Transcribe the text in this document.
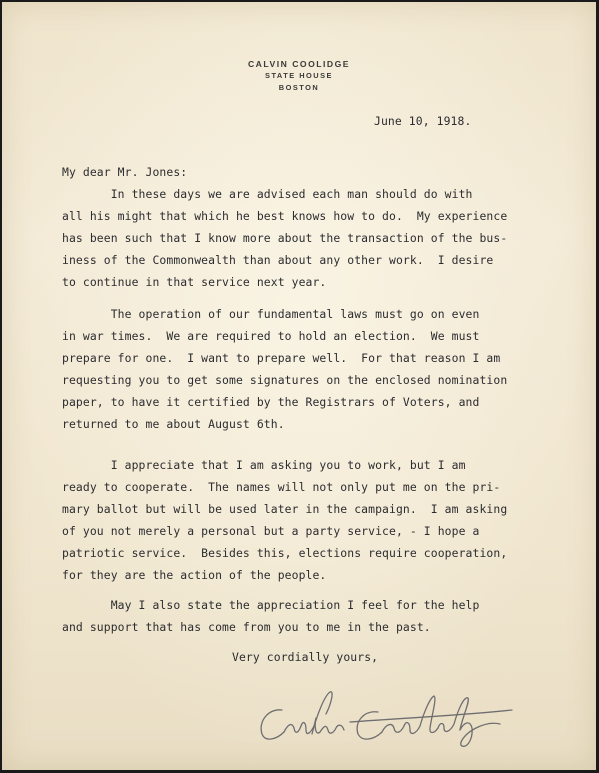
CALVIN COOLIDGE
STATE HOUSE
BOSTON
June 10, 1918.
My dear Mr. Jones:
In these days we are advised each man should do with
all his might that which he best knows how to do.  My experience
has been such that I know more about the transaction of the bus-
iness of the Commonwealth than about any other work.  I desire
to continue in that service next year.
The operation of our fundamental laws must go on even
in war times.  We are required to hold an election.  We must
prepare for one.  I want to prepare well.  For that reason I am
requesting you to get some signatures on the enclosed nomination
paper, to have it certified by the Registrars of Voters, and
returned to me about August 6th.
I appreciate that I am asking you to work, but I am
ready to cooperate.  The names will not only put me on the pri-
mary ballot but will be used later in the campaign.  I am asking
of you not merely a personal but a party service, - I hope a
patriotic service.  Besides this, elections require cooperation,
for they are the action of the people.
May I also state the appreciation I feel for the help
and support that has come from you to me in the past.
Very cordially yours,
